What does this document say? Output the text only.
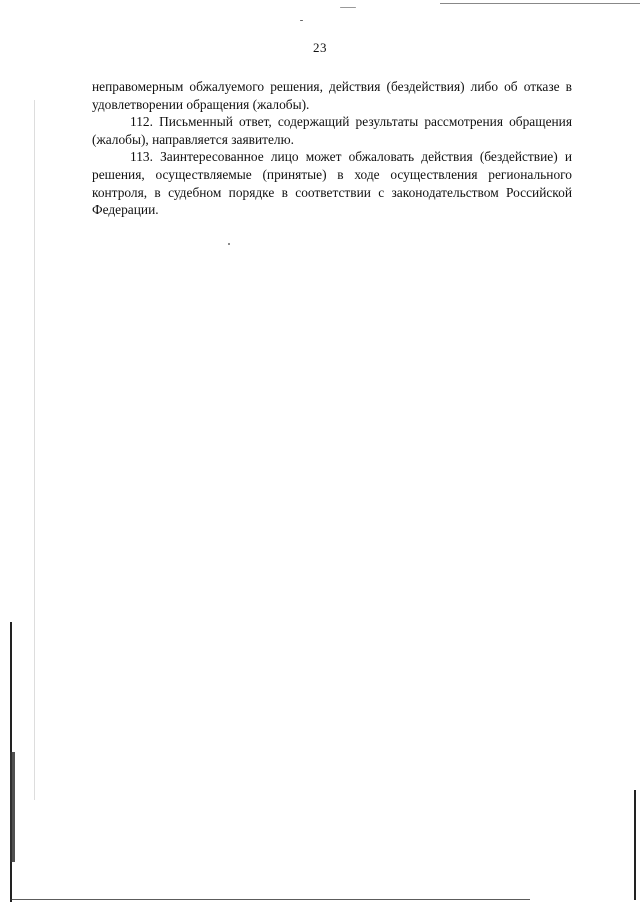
23

неправомерным обжалуемого решения, действия (бездействия) либо об отказе в удовлетворении обращения (жалобы).

112. Письменный ответ, содержащий результаты рассмотрения обращения (жалобы), направляется заявителю.

113. Заинтересованное лицо может обжаловать действия (бездействие) и решения, осуществляемые (принятые) в ходе осуществления регионального контроля, в судебном порядке в соответствии с законодательством Российской Федерации.
